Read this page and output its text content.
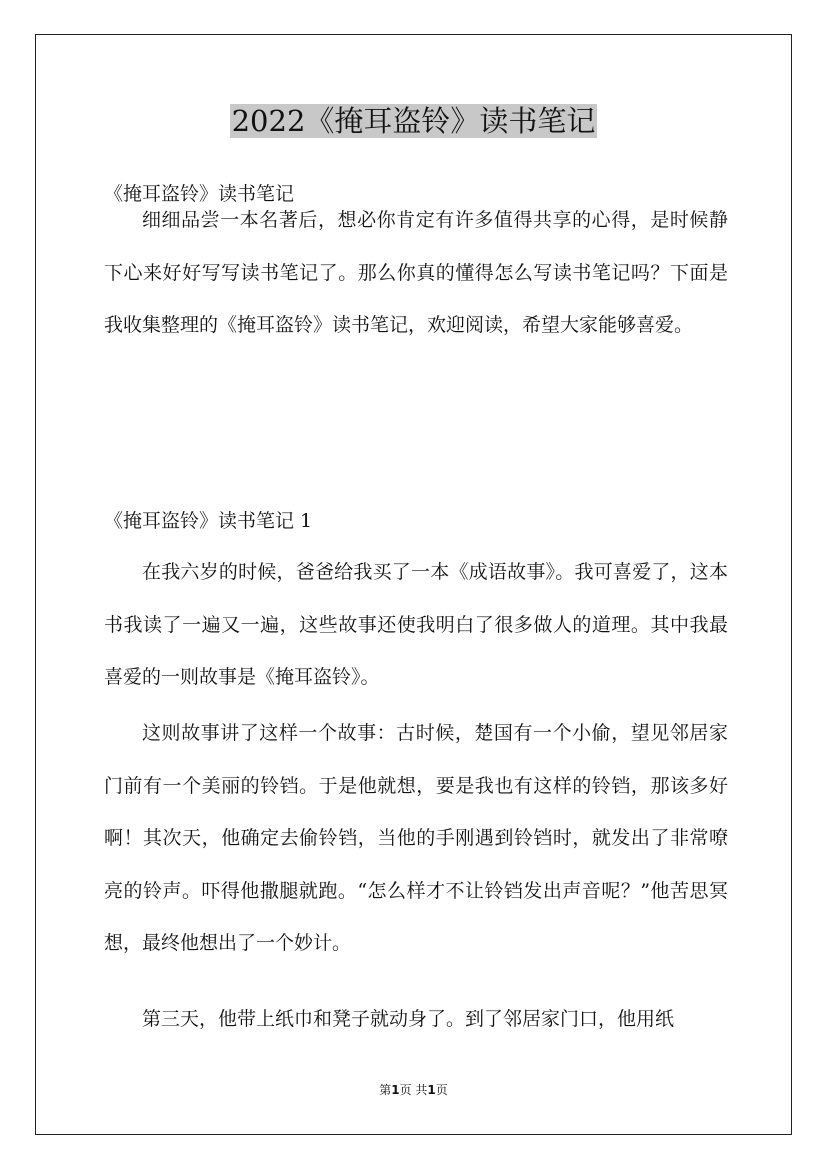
2022《掩耳盗铃》读书笔记

《掩耳盗铃》读书笔记

细细品尝一本名著后，想必你肯定有许多值得共享的心得，是时候静下心来好好写写读书笔记了。那么你真的懂得怎么写读书笔记吗？下面是我收集整理的《掩耳盗铃》读书笔记，欢迎阅读，希望大家能够喜爱。

《掩耳盗铃》读书笔记 1

在我六岁的时候，爸爸给我买了一本《成语故事》。我可喜爱了，这本书我读了一遍又一遍，这些故事还使我明白了很多做人的道理。其中我最喜爱的一则故事是《掩耳盗铃》。

这则故事讲了这样一个故事：古时候，楚国有一个小偷，望见邻居家门前有一个美丽的铃铛。于是他就想，要是我也有这样的铃铛，那该多好啊！其次天，他确定去偷铃铛，当他的手刚遇到铃铛时，就发出了非常嘹亮的铃声。吓得他撒腿就跑。“怎么样才不让铃铛发出声音呢？”他苦思冥想，最终他想出了一个妙计。

第三天，他带上纸巾和凳子就动身了。到了邻居家门口，他用纸

第1页 共1页
